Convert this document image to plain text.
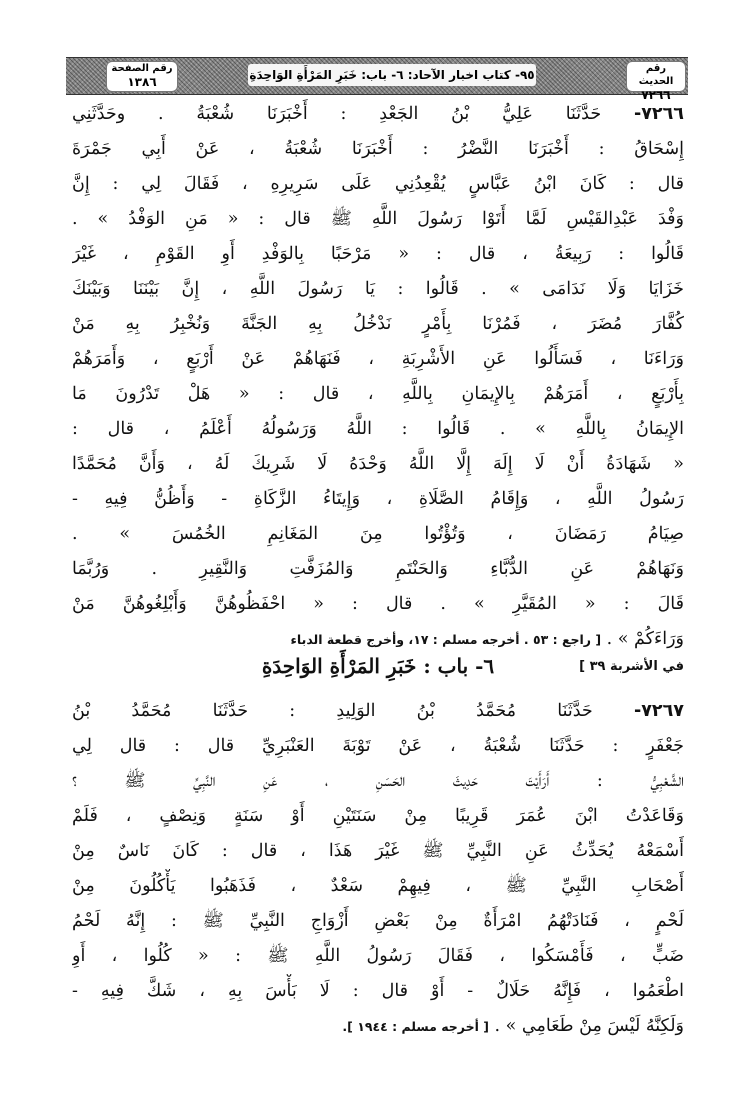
رقم الصفحة
١٣٨٦	٩٥- كتاب اخبار الآحاد: ٦- باب: خَبَرِ المَرْأَةِ الوَاحِدَةِ	رقم الحديث
٧٢٦٦
٧٢٦٦- حَدَّثَنَا عَلِيُّ بْنُ الجَعْدِ : أَخْبَرَنَا شُعْبَةُ . وحَدَّثَنِي
إِسْحَاقُ : أَخْبَرَنَا النَّضْرُ : أَخْبَرَنَا شُعْبَةُ ، عَنْ أَبِي جَمْرَةَ
قال : كَانَ ابْنُ عَبَّاسٍ يُقْعِدُنِي عَلَى سَرِيرِهِ ، فَقَالَ لِي : إِنَّ
وَفْدَ عَبْدِالقَيْسِ لَمَّا أَتَوْا رَسُولَ اللَّهِ ﷺ قال : « مَنِ الوَفْدُ » .
قَالُوا : رَبِيعَةُ ، قال : « مَرْحَبًا بِالوَفْدِ أَوِ القَوْمِ ، غَيْرَ
خَزَايَا وَلَا نَدَامَى » . قَالُوا : يَا رَسُولَ اللَّهِ ، إِنَّ بَيْنَنَا وَبَيْنَكَ
كُفَّارَ مُضَرَ ، فَمُرْنَا بِأَمْرٍ نَدْخُلُ بِهِ الجَنَّةَ وَنُخْبِرُ بِهِ مَنْ
وَرَاءَنَا ، فَسَأَلُوا عَنِ الأَشْرِبَةِ ، فَنَهَاهُمْ عَنْ أَرْبَعٍ ، وَأَمَرَهُمْ
بِأَرْبَعٍ ، أَمَرَهُمْ بِالإِيمَانِ بِاللَّهِ ، قال : « هَلْ تَدْرُونَ مَا
الإِيمَانُ بِاللَّهِ » . قَالُوا : اللَّهُ وَرَسُولُهُ أَعْلَمُ ، قال :
« شَهَادَةُ أَنْ لَا إِلَهَ إِلَّا اللَّهُ وَحْدَهُ لَا شَرِيكَ لَهُ ، وَأَنَّ مُحَمَّدًا
رَسُولُ اللَّهِ ، وَإِقَامُ الصَّلَاةِ ، وَإِيتَاءُ الزَّكَاةِ - وَأَظُنُّ فِيهِ -
صِيَامُ رَمَضَانَ ، وَتُؤْتُوا مِنَ المَغَانِمِ الخُمُسَ » .
وَنَهَاهُمْ عَنِ الدُّبَّاءِ وَالحَنْتَمِ وَالمُزَفَّتِ وَالنَّقِيرِ . وَرُبَّمَا
قَالَ : « المُقَيَّرِ » . قال : « احْفَظُوهُنَّ وَأَبْلِغُوهُنَّ مَنْ
وَرَاءَكُمْ » . [ راجع : ٥٣ . أخرجه مسلم : ١٧، وأخرج قطعة الدباء
في الأشربة ٣٩ ]
٦- باب : خَبَرِ المَرْأَةِ الوَاحِدَةِ
٧٢٦٧- حَدَّثَنَا مُحَمَّدُ بْنُ الوَلِيدِ : حَدَّثَنَا مُحَمَّدُ بْنُ
جَعْفَرٍ : حَدَّثَنَا شُعْبَةُ ، عَنْ تَوْبَةَ العَنْبَرِيِّ قال : قال لِي
الشَّعْبِيُّ : أَرَأَيْتَ حَدِيثَ الحَسَنِ ، عَنِ النَّبِيِّ ﷺ ؟
وَقَاعَدْتُ ابْنَ عُمَرَ قَرِيبًا مِنْ سَنَتَيْنِ أَوْ سَنَةٍ وَنِصْفٍ ، فَلَمْ
أَسْمَعْهُ يُحَدِّثُ عَنِ النَّبِيِّ ﷺ غَيْرَ هَذَا ، قال : كَانَ نَاسٌ مِنْ
أَصْحَابِ النَّبِيِّ ﷺ ، فِيهِمْ سَعْدٌ ، فَذَهَبُوا يَأْكُلُونَ مِنْ
لَحْمٍ ، فَنَادَتْهُمُ امْرَأَةٌ مِنْ بَعْضِ أَزْوَاجِ النَّبِيِّ ﷺ : إِنَّهُ لَحْمُ
ضَبٍّ ، فَأَمْسَكُوا ، فَقَالَ رَسُولُ اللَّهِ ﷺ : « كُلُوا ، أَوِ
اطْعَمُوا ، فَإِنَّهُ حَلَالٌ - أَوْ قال : لَا بَأْسَ بِهِ ، شَكَّ فِيهِ -
وَلَكِنَّهُ لَيْسَ مِنْ طَعَامِي » . [ أخرجه مسلم : ١٩٤٤ ].
